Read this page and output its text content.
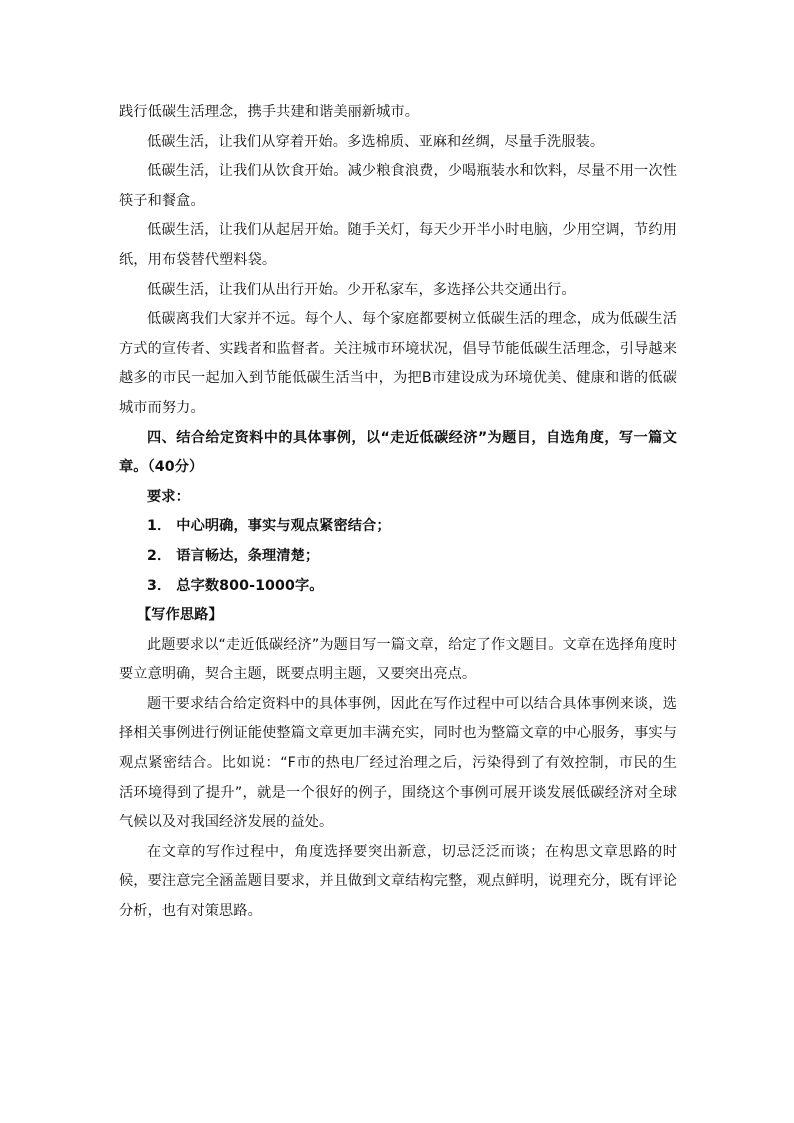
践行低碳生活理念，携手共建和谐美丽新城市。

低碳生活，让我们从穿着开始。多选棉质、亚麻和丝绸，尽量手洗服装。

低碳生活，让我们从饮食开始。减少粮食浪费，少喝瓶装水和饮料，尽量不用一次性筷子和餐盒。

低碳生活，让我们从起居开始。随手关灯，每天少开半小时电脑，少用空调，节约用纸，用布袋替代塑料袋。

低碳生活，让我们从出行开始。少开私家车，多选择公共交通出行。

低碳离我们大家并不远。每个人、每个家庭都要树立低碳生活的理念，成为低碳生活方式的宣传者、实践者和监督者。关注城市环境状况，倡导节能低碳生活理念，引导越来越多的市民一起加入到节能低碳生活当中，为把B市建设成为环境优美、健康和谐的低碳城市而努力。

四、结合给定资料中的具体事例，以“走近低碳经济”为题目，自选角度，写一篇文章。（40分）

要求：

1． 中心明确，事实与观点紧密结合；

2． 语言畅达，条理清楚；

3． 总字数800-1000字。

【写作思路】

此题要求以“走近低碳经济”为题目写一篇文章，给定了作文题目。文章在选择角度时要立意明确，契合主题，既要点明主题，又要突出亮点。

题干要求结合给定资料中的具体事例，因此在写作过程中可以结合具体事例来谈，选择相关事例进行例证能使整篇文章更加丰满充实，同时也为整篇文章的中心服务，事实与观点紧密结合。比如说：“F市的热电厂经过治理之后，污染得到了有效控制，市民的生活环境得到了提升”，就是一个很好的例子，围绕这个事例可展开谈发展低碳经济对全球气候以及对我国经济发展的益处。

在文章的写作过程中，角度选择要突出新意，切忌泛泛而谈；在构思文章思路的时候，要注意完全涵盖题目要求，并且做到文章结构完整，观点鲜明，说理充分，既有评论分析，也有对策思路。
